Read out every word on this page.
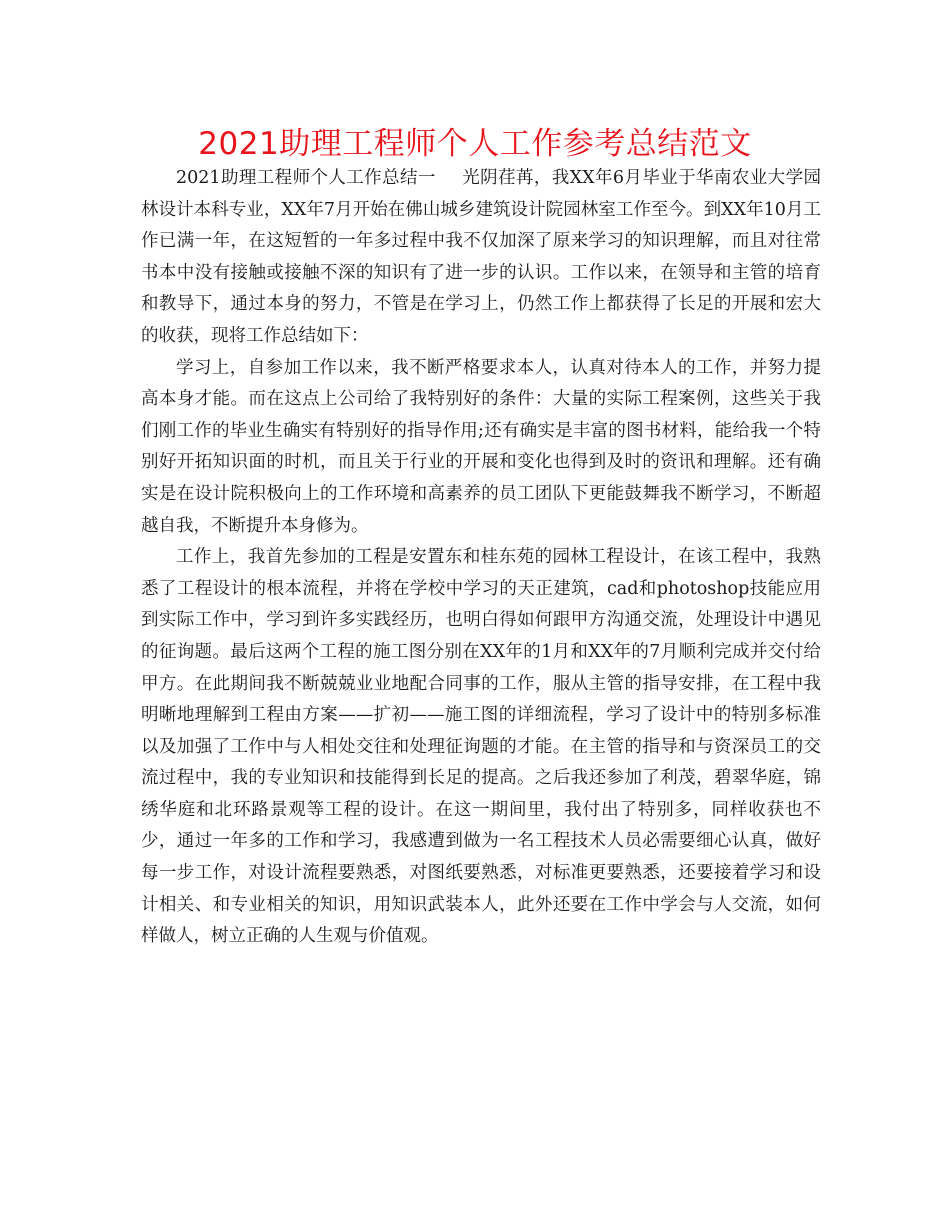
2021助理工程师个人工作参考总结范文

2021助理工程师个人工作总结一 光阴荏苒，我XX年6月毕业于华南农业大学园林设计本科专业，XX年7月开始在佛山城乡建筑设计院园林室工作至今。到XX年10月工作已满一年，在这短暂的一年多过程中我不仅加深了原来学习的知识理解，而且对往常书本中没有接触或接触不深的知识有了进一步的认识。工作以来，在领导和主管的培育和教导下，通过本身的努力，不管是在学习上，仍然工作上都获得了长足的开展和宏大的收获，现将工作总结如下：

学习上，自参加工作以来，我不断严格要求本人，认真对待本人的工作，并努力提高本身才能。而在这点上公司给了我特别好的条件：大量的实际工程案例，这些关于我们刚工作的毕业生确实有特别好的指导作用;还有确实是丰富的图书材料，能给我一个特别好开拓知识面的时机，而且关于行业的开展和变化也得到及时的资讯和理解。还有确实是在设计院积极向上的工作环境和高素养的员工团队下更能鼓舞我不断学习，不断超越自我，不断提升本身修为。

工作上，我首先参加的工程是安置东和桂东苑的园林工程设计，在该工程中，我熟悉了工程设计的根本流程，并将在学校中学习的天正建筑，cad和photoshop技能应用到实际工作中，学习到许多实践经历，也明白得如何跟甲方沟通交流，处理设计中遇见的征询题。最后这两个工程的施工图分别在XX年的1月和XX年的7月顺利完成并交付给甲方。在此期间我不断兢兢业业地配合同事的工作，服从主管的指导安排，在工程中我明晰地理解到工程由方案——扩初——施工图的详细流程，学习了设计中的特别多标准以及加强了工作中与人相处交往和处理征询题的才能。在主管的指导和与资深员工的交流过程中，我的专业知识和技能得到长足的提高。之后我还参加了利茂，碧翠华庭，锦绣华庭和北环路景观等工程的设计。在这一期间里，我付出了特别多，同样收获也不少，通过一年多的工作和学习，我感遭到做为一名工程技术人员必需要细心认真，做好每一步工作，对设计流程要熟悉，对图纸要熟悉，对标准更要熟悉，还要接着学习和设计相关、和专业相关的知识，用知识武装本人，此外还要在工作中学会与人交流，如何样做人，树立正确的人生观与价值观。
